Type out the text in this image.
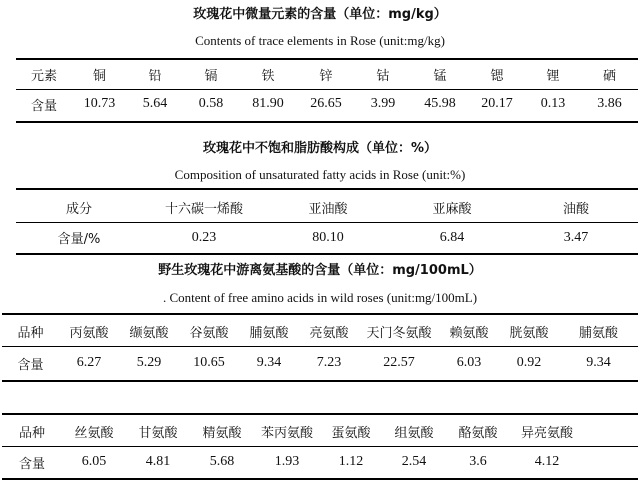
玫瑰花中微量元素的含量（单位：mg/kg）
Contents of trace elements in Rose (unit:mg/kg)
元素	铜	铅	镉	铁	锌	钴	锰	锶	锂	硒
含量	10.73	5.64	0.58	81.90	26.65	3.99	45.98	20.17	0.13	3.86
玫瑰花中不饱和脂肪酸构成（单位：%）
Composition of unsaturated fatty acids in Rose (unit:%)
成分	十六碳一烯酸	亚油酸	亚麻酸	油酸
含量/%	0.23	80.10	6.84	3.47
野生玫瑰花中游离氨基酸的含量（单位：mg/100mL）
. Content of free amino acids in wild roses (unit:mg/100mL)
品种	丙氨酸	缬氨酸	谷氨酸	脯氨酸	亮氨酸	天门冬氨酸	赖氨酸	胱氨酸	脯氨酸
含量	6.27	5.29	10.65	9.34	7.23	22.57	6.03	0.92	9.34
品种	丝氨酸	甘氨酸	精氨酸	苯丙氨酸	蛋氨酸	组氨酸	酪氨酸	异亮氨酸	
含量	6.05	4.81	5.68	1.93	1.12	2.54	3.6	4.12	
